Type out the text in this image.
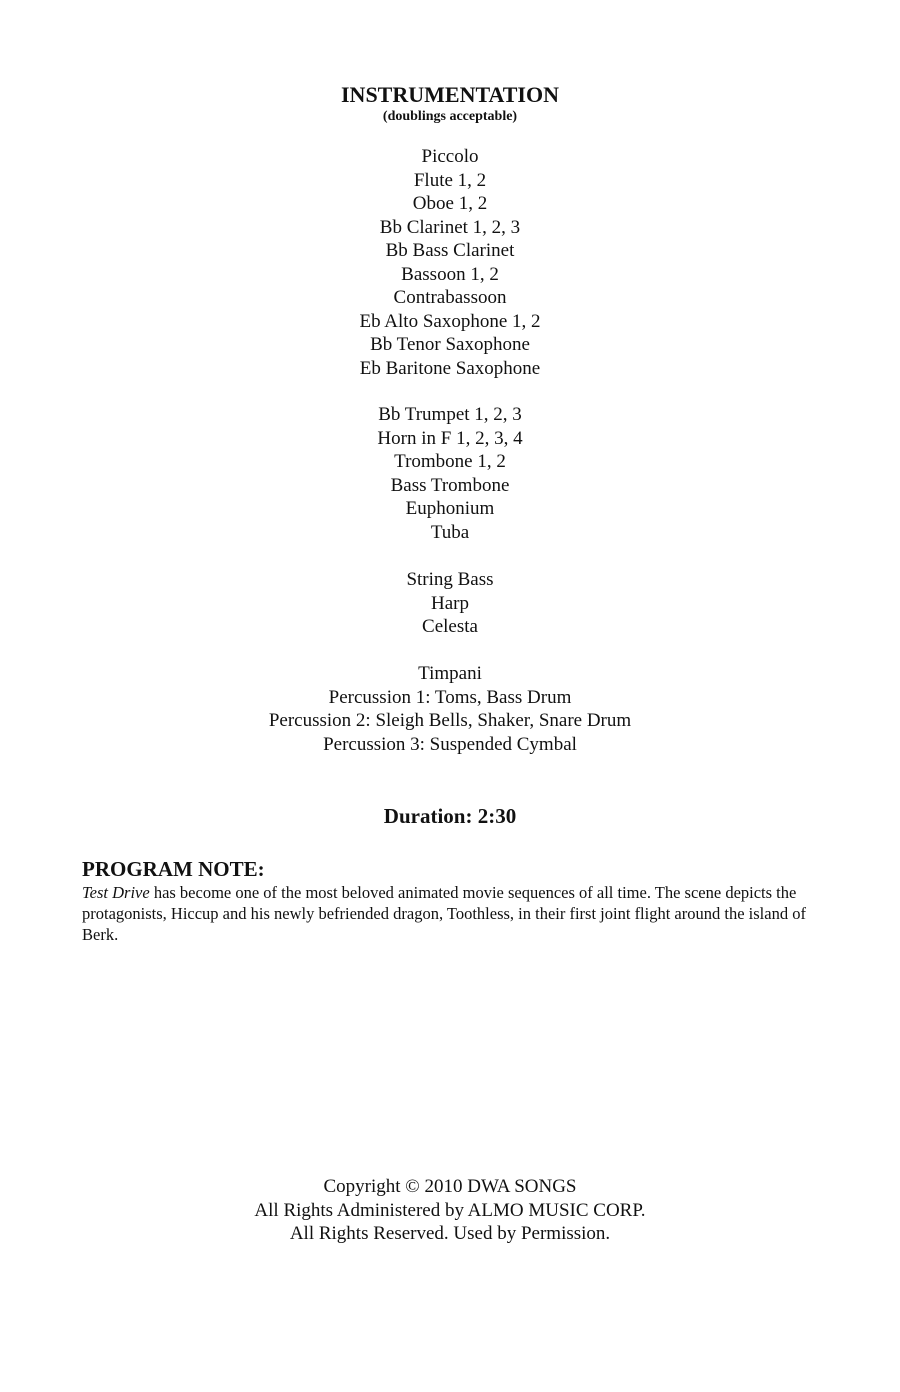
INSTRUMENTATION
(doublings acceptable)
Piccolo
Flute 1, 2
Oboe 1, 2
Bb Clarinet 1, 2, 3
Bb Bass Clarinet
Bassoon 1, 2
Contrabassoon
Eb Alto Saxophone 1, 2
Bb Tenor Saxophone
Eb Baritone Saxophone
Bb Trumpet 1, 2, 3
Horn in F 1, 2, 3, 4
Trombone 1, 2
Bass Trombone
Euphonium
Tuba
String Bass
Harp
Celesta
Timpani
Percussion 1: Toms, Bass Drum
Percussion 2: Sleigh Bells, Shaker, Snare Drum
Percussion 3: Suspended Cymbal
Duration: 2:30
PROGRAM NOTE:
Test Drive has become one of the most beloved animated movie sequences of all time. The scene depicts the protagonists, Hiccup and his newly befriended dragon, Toothless, in their first joint flight around the island of Berk.
Copyright © 2010 DWA SONGS
All Rights Administered by ALMO MUSIC CORP.
All Rights Reserved. Used by Permission.
